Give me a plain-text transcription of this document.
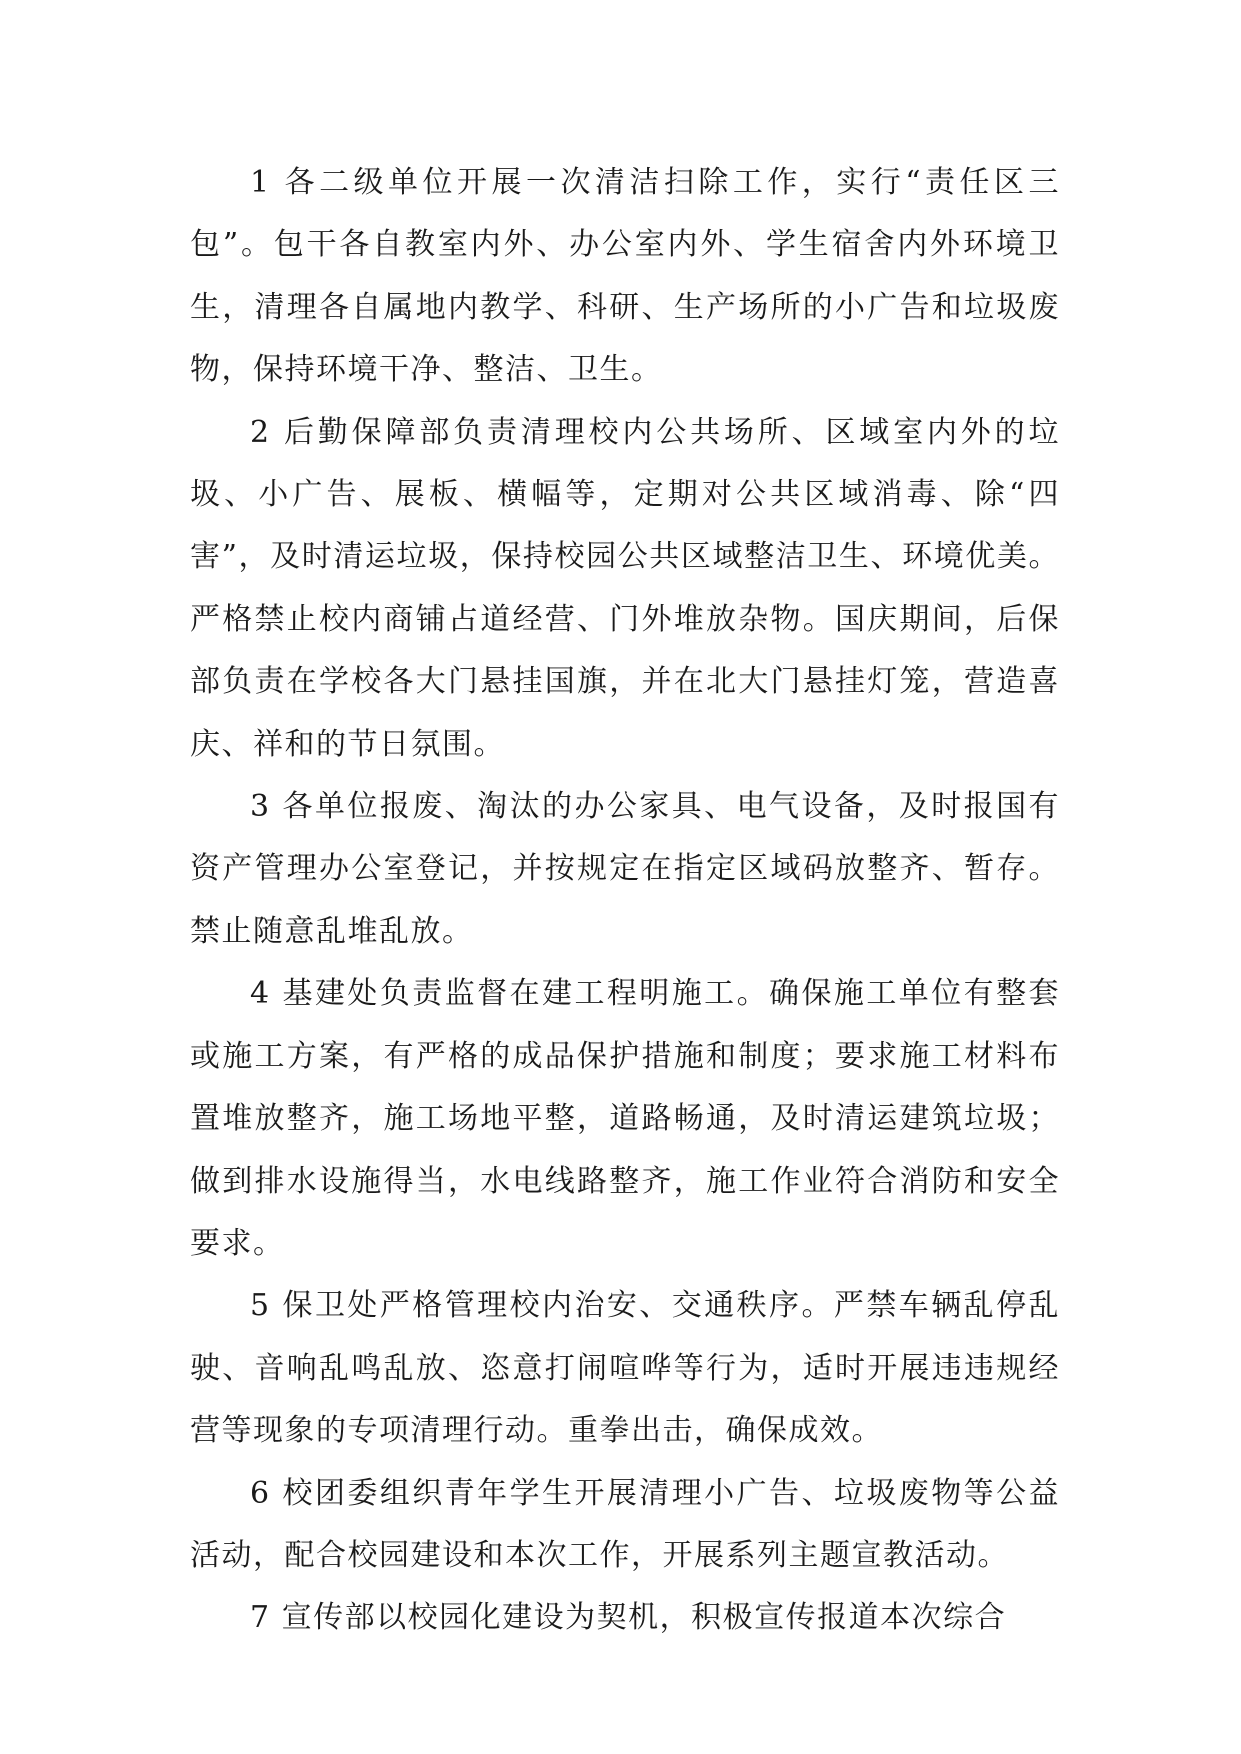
1 各二级单位开展一次清洁扫除工作，实行“责任区三包”。包干各自教室内外、办公室内外、学生宿舍内外环境卫生，清理各自属地内教学、科研、生产场所的小广告和垃圾废物，保持环境干净、整洁、卫生。

2 后勤保障部负责清理校内公共场所、区域室内外的垃圾、小广告、展板、横幅等，定期对公共区域消毒、除“四害”，及时清运垃圾，保持校园公共区域整洁卫生、环境优美。严格禁止校内商铺占道经营、门外堆放杂物。国庆期间，后保部负责在学校各大门悬挂国旗，并在北大门悬挂灯笼，营造喜庆、祥和的节日氛围。

3 各单位报废、淘汰的办公家具、电气设备，及时报国有资产管理办公室登记，并按规定在指定区域码放整齐、暂存。禁止随意乱堆乱放。

4 基建处负责监督在建工程明施工。确保施工单位有整套或施工方案，有严格的成品保护措施和制度；要求施工材料布置堆放整齐，施工场地平整，道路畅通，及时清运建筑垃圾；做到排水设施得当，水电线路整齐，施工作业符合消防和安全要求。

5 保卫处严格管理校内治安、交通秩序。严禁车辆乱停乱驶、音响乱鸣乱放、恣意打闹喧哗等行为，适时开展违违规经营等现象的专项清理行动。重拳出击，确保成效。

6 校团委组织青年学生开展清理小广告、垃圾废物等公益活动，配合校园建设和本次工作，开展系列主题宣教活动。

7 宣传部以校园化建设为契机，积极宣传报道本次综合
